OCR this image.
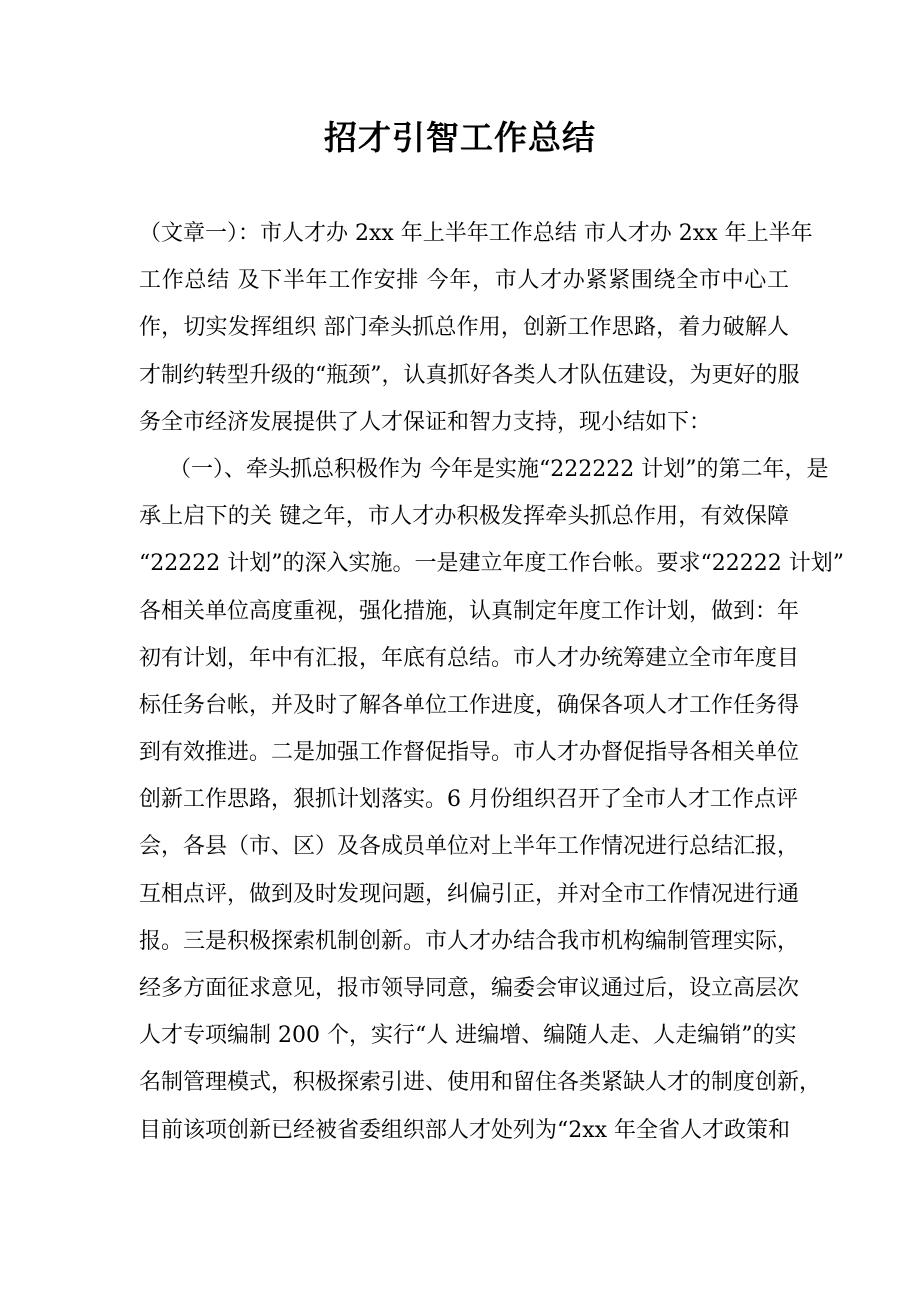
招才引智工作总结
（文章一）：市人才办 2xx 年上半年工作总结 市人才办 2xx 年上半年
工作总结 及下半年工作安排 今年，市人才办紧紧围绕全市中心工
作，切实发挥组织 部门牵头抓总作用，创新工作思路，着力破解人
才制约转型升级的“瓶颈”，认真抓好各类人才队伍建设，为更好的服
务全市经济发展提供了人才保证和智力支持，现小结如下：
（一）、牵头抓总积极作为 今年是实施“222222 计划”的第二年，是
承上启下的关 键之年，市人才办积极发挥牵头抓总作用，有效保障
“22222 计划”的深入实施。一是建立年度工作台帐。要求“22222 计划”
各相关单位高度重视，强化措施，认真制定年度工作计划，做到：年
初有计划，年中有汇报，年底有总结。市人才办统筹建立全市年度目
标任务台帐，并及时了解各单位工作进度，确保各项人才工作任务得
到有效推进。二是加强工作督促指导。市人才办督促指导各相关单位
创新工作思路，狠抓计划落实。6 月份组织召开了全市人才工作点评
会，各县（市、区）及各成员单位对上半年工作情况进行总结汇报，
互相点评，做到及时发现问题，纠偏引正，并对全市工作情况进行通
报。三是积极探索机制创新。市人才办结合我市机构编制管理实际，
经多方面征求意见，报市领导同意，编委会审议通过后，设立高层次
人才专项编制 200 个，实行“人 进编增、编随人走、人走编销”的实
名制管理模式，积极探索引进、使用和留住各类紧缺人才的制度创新，
目前该项创新已经被省委组织部人才处列为“2xx 年全省人才政策和
